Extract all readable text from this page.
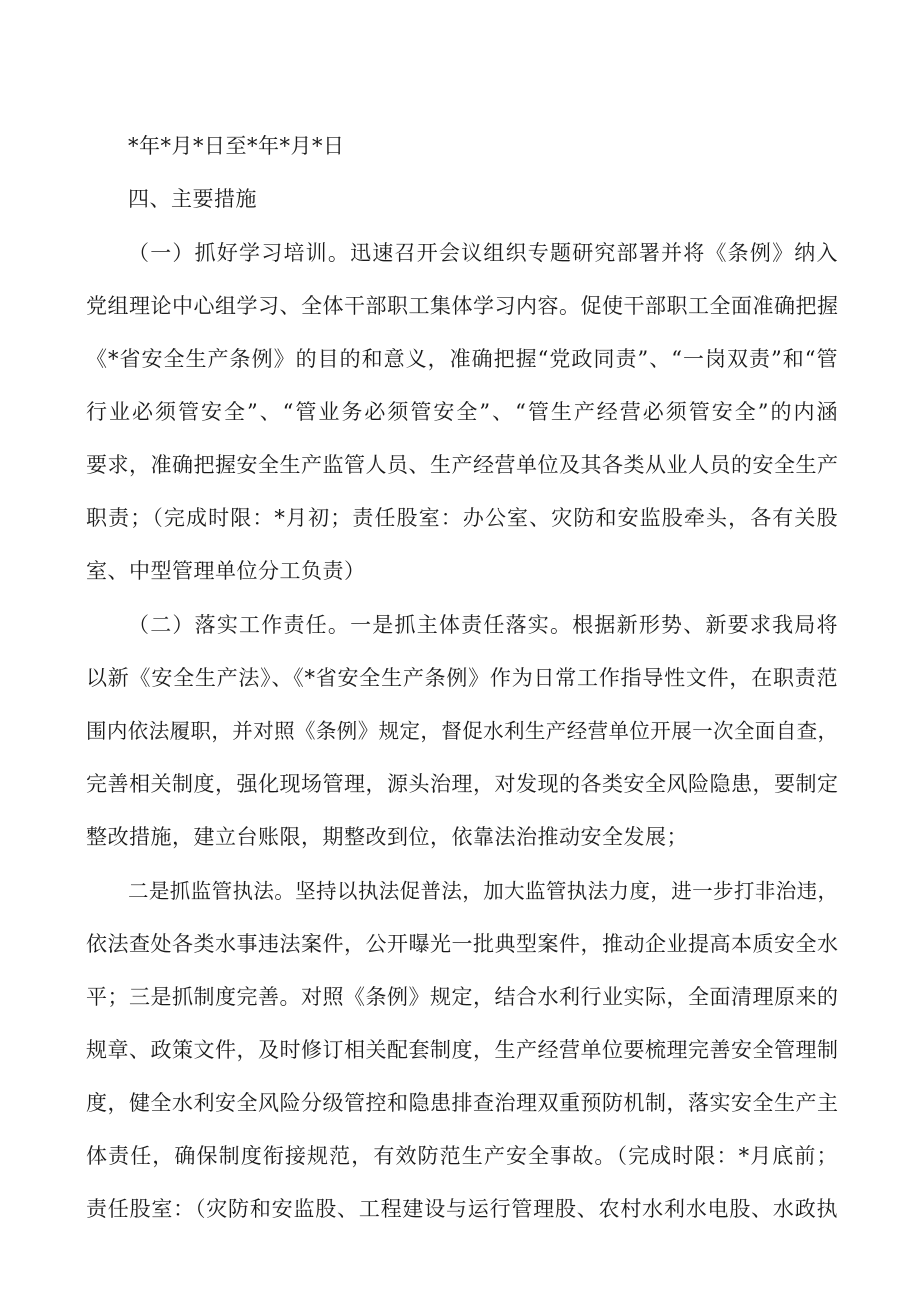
*年*月*日至*年*月*日
四、主要措施
（一）抓好学习培训。迅速召开会议组织专题研究部署并将《条例》纳入
党组理论中心组学习、全体干部职工集体学习内容。促使干部职工全面准确把握
《*省安全生产条例》的目的和意义，准确把握“党政同责”、“一岗双责”和“管
行业必须管安全”、“管业务必须管安全”、“管生产经营必须管安全”的内涵
要求，准确把握安全生产监管人员、生产经营单位及其各类从业人员的安全生产
职责；（完成时限：*月初；责任股室：办公室、灾防和安监股牵头，各有关股
室、中型管理单位分工负责）
（二）落实工作责任。一是抓主体责任落实。根据新形势、新要求我局将
以新《安全生产法》、《*省安全生产条例》作为日常工作指导性文件，在职责范
围内依法履职，并对照《条例》规定，督促水利生产经营单位开展一次全面自查，
完善相关制度，强化现场管理，源头治理，对发现的各类安全风险隐患，要制定
整改措施，建立台账限，期整改到位，依靠法治推动安全发展；
二是抓监管执法。坚持以执法促普法，加大监管执法力度，进一步打非治违，
依法查处各类水事违法案件，公开曝光一批典型案件，推动企业提高本质安全水
平；三是抓制度完善。对照《条例》规定，结合水利行业实际，全面清理原来的
规章、政策文件，及时修订相关配套制度，生产经营单位要梳理完善安全管理制
度，健全水利安全风险分级管控和隐患排查治理双重预防机制，落实安全生产主
体责任，确保制度衔接规范，有效防范生产安全事故。（完成时限：*月底前；
责任股室：（灾防和安监股、工程建设与运行管理股、农村水利水电股、水政执
